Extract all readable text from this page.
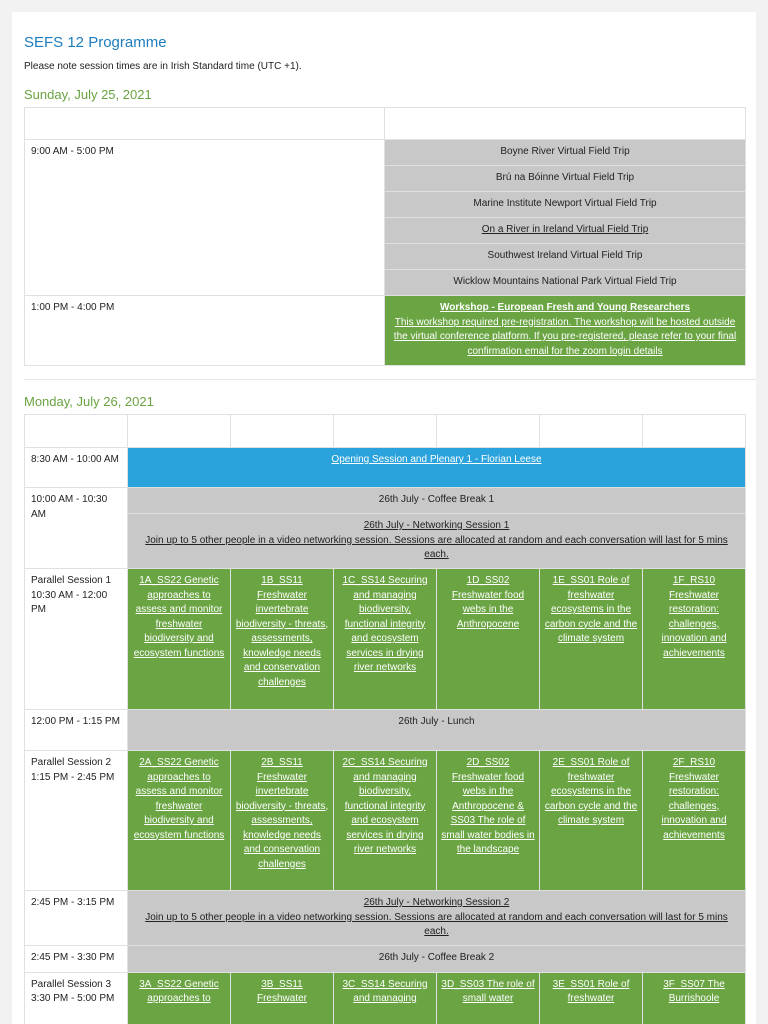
SEFS 12 Programme
Please note session times are in Irish Standard time (UTC +1).
Sunday, July 25, 2021

9:00 AM - 5:00 PM	Boyne River Virtual Field Trip
	Brú na Bóinne Virtual Field Trip
	Marine Institute Newport Virtual Field Trip
	On a River in Ireland Virtual Field Trip
	Southwest Ireland Virtual Field Trip
	Wicklow Mountains National Park Virtual Field Trip
1:00 PM - 4:00 PM	Workshop - European Fresh and Young Researchers
This workshop required pre-registration. The workshop will be hosted outside the virtual conference platform. If you pre-registered, please refer to your final confirmation email for the zoom login details
Monday, July 26, 2021

8:30 AM - 10:00 AM	Opening Session and Plenary 1 - Florian Leese					
10:00 AM - 10:30 AM	26th July - Coffee Break 1					
	26th July - Networking Session 1
Join up to 5 other people in a video networking session. Sessions are allocated at random and each conversation will last for 5 mins each.					
Parallel Session 1 10:30 AM - 12:00 PM	1A_SS22 Genetic approaches to assess and monitor freshwater biodiversity and ecosystem functions	1B_SS11 Freshwater invertebrate biodiversity - threats, assessments, knowledge needs and conservation challenges	1C_SS14 Securing and managing biodiversity, functional integrity and ecosystem services in drying river networks	1D_SS02 Freshwater food webs in the Anthropocene	1E_SS01 Role of freshwater ecosystems in the carbon cycle and the climate system	1F_RS10 Freshwater restoration: challenges, innovation and achievements
12:00 PM - 1:15 PM	26th July - Lunch					
Parallel Session 2 1:15 PM - 2:45 PM	2A_SS22 Genetic approaches to assess and monitor freshwater biodiversity and ecosystem functions	2B_SS11 Freshwater invertebrate biodiversity - threats, assessments, knowledge needs and conservation challenges	2C_SS14 Securing and managing biodiversity, functional integrity and ecosystem services in drying river networks	2D_SS02 Freshwater food webs in the Anthropocene & SS03 The role of small water bodies in the landscape	2E_SS01 Role of freshwater ecosystems in the carbon cycle and the climate system	2F_RS10 Freshwater restoration: challenges, innovation and achievements
2:45 PM - 3:15 PM	26th July - Networking Session 2
Join up to 5 other people in a video networking session. Sessions are allocated at random and each conversation will last for 5 mins each.					
2:45 PM - 3:30 PM	26th July - Coffee Break 2					
Parallel Session 3 3:30 PM - 5:00 PM	3A_SS22 Genetic approaches to	3B_SS11 Freshwater	3C_SS14 Securing and managing	3D_SS03 The role of small water	3E_SS01 Role of freshwater	3F_SS07 The Burrishoole
